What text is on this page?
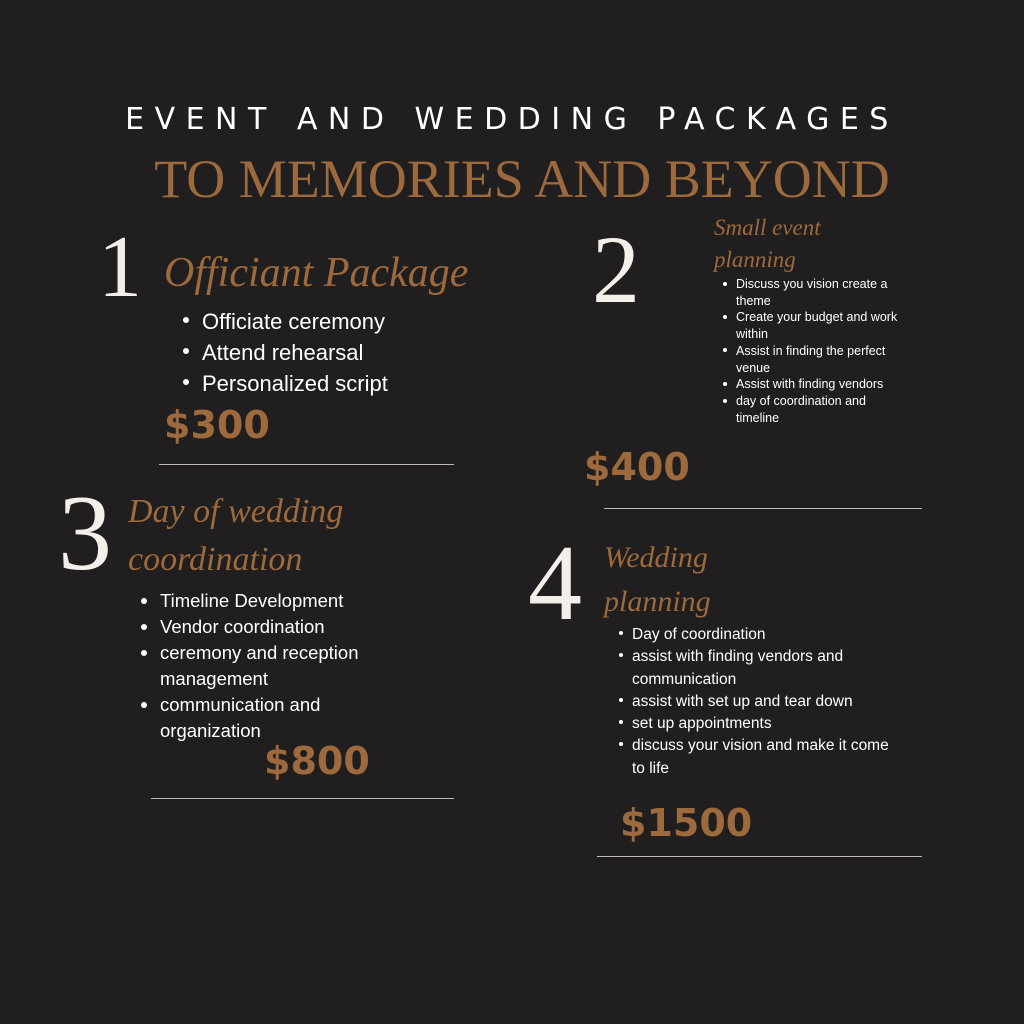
EVENT AND WEDDING PACKAGES
TO MEMORIES AND BEYOND
1 Officiant Package
Officiate ceremony
Attend rehearsal
Personalized script
$300
2	Small event
planning
Discuss you vision create a theme
Create your budget and work within
Assist in finding the perfect venue
Assist with finding vendors
day of coordination and timeline
$400
3 Day of wedding
coordination
Timeline Development
Vendor coordination
ceremony and reception management
communication and organization
$800
4 Wedding
planning
Day of coordination
assist with finding vendors and communication
assist with set up and tear down
set up appointments
discuss your vision and make it come to life
$1500
